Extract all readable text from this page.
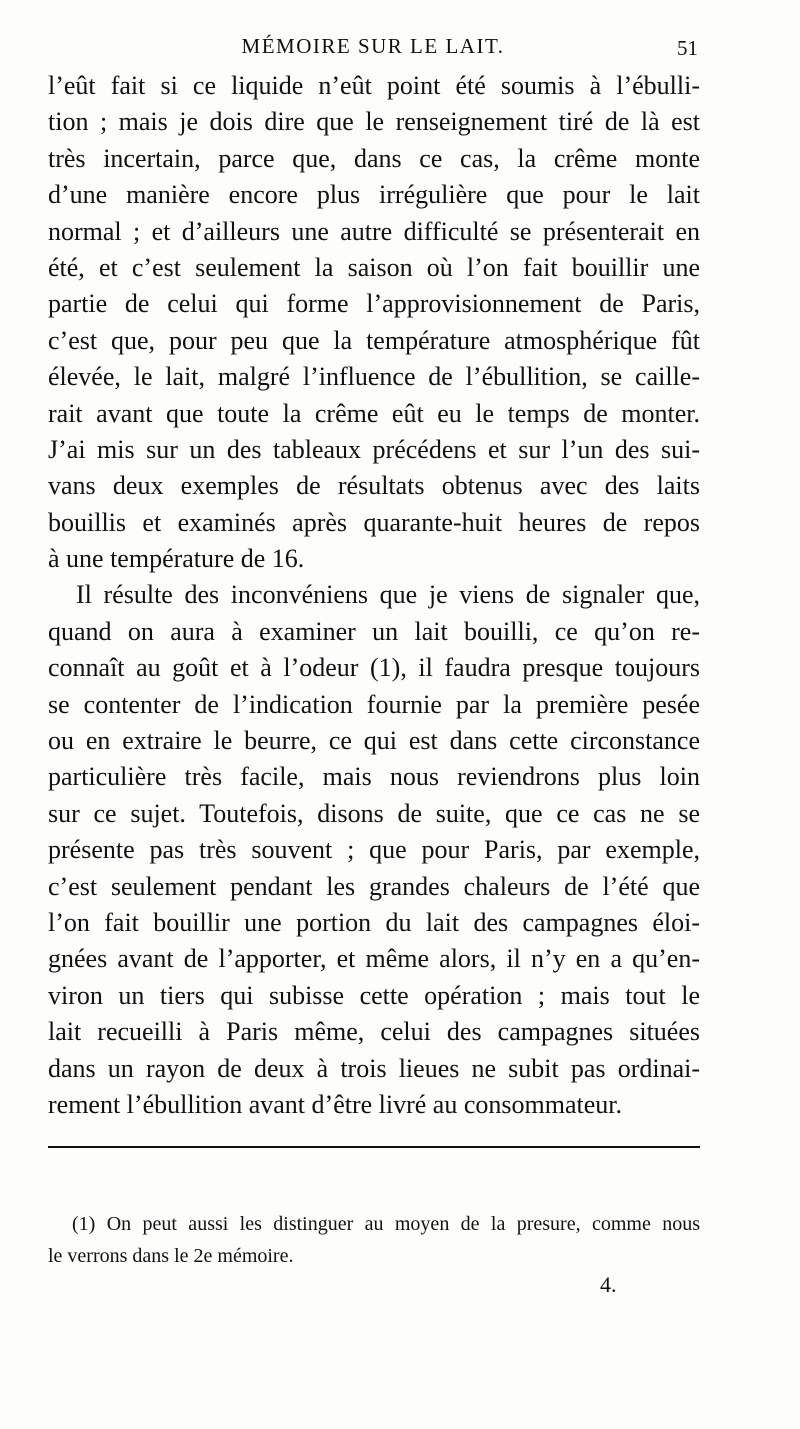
MÉMOIRE SUR LE LAIT.	51
l’eût fait si ce liquide n’eût point été soumis à l’ébulli-
tion ; mais je dois dire que le renseignement tiré de là est
très incertain, parce que, dans ce cas, la crême monte
d’une manière encore plus irrégulière que pour le lait
normal ; et d’ailleurs une autre difficulté se présenterait en
été, et c’est seulement la saison où l’on fait bouillir une
partie de celui qui forme l’approvisionnement de Paris,
c’est que, pour peu que la température atmosphérique fût
élevée, le lait, malgré l’influence de l’ébullition, se caille-
rait avant que toute la crême eût eu le temps de monter.
J’ai mis sur un des tableaux précédens et sur l’un des sui-
vans deux exemples de résultats obtenus avec des laits
bouillis et examinés après quarante-huit heures de repos
à une température de 16.
Il résulte des inconvéniens que je viens de signaler que,
quand on aura à examiner un lait bouilli, ce qu’on re-
connaît au goût et à l’odeur (1), il faudra presque toujours
se contenter de l’indication fournie par la première pesée
ou en extraire le beurre, ce qui est dans cette circonstance
particulière très facile, mais nous reviendrons plus loin
sur ce sujet. Toutefois, disons de suite, que ce cas ne se
présente pas très souvent ; que pour Paris, par exemple,
c’est seulement pendant les grandes chaleurs de l’été que
l’on fait bouillir une portion du lait des campagnes éloi-
gnées avant de l’apporter, et même alors, il n’y en a qu’en-
viron un tiers qui subisse cette opération ; mais tout le
lait recueilli à Paris même, celui des campagnes situées
dans un rayon de deux à trois lieues ne subit pas ordinai-
rement l’ébullition avant d’être livré au consommateur.
(1) On peut aussi les distinguer au moyen de la presure, comme nous
le verrons dans le 2e mémoire.
4.
